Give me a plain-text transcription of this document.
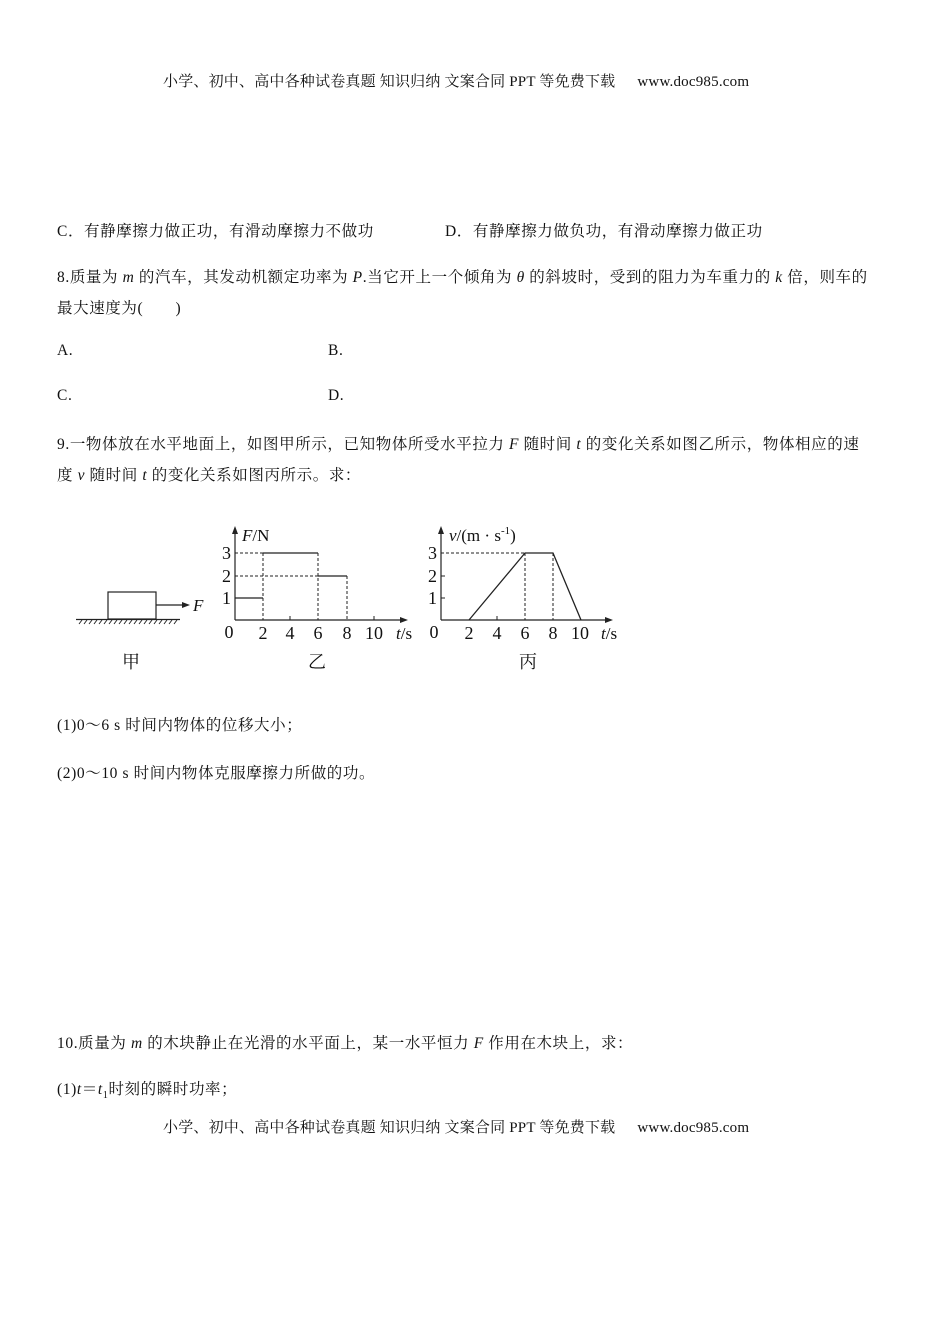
小学、初中、高中各种试卷真题 知识归纳 文案合同 PPT 等免费下载 www.doc985.com
C．有静摩擦力做正功，有滑动摩擦力不做功	D．有静摩擦力做负功，有滑动摩擦力做正功
8.质量为 m 的汽车，其发动机额定功率为 P.当它开上一个倾角为 θ 的斜坡时，受到的阻力为车重力的 k 倍，则车的
最大速度为(　　)
A.	B.
C.	D.
9.一物体放在水平地面上，如图甲所示，已知物体所受水平拉力 F 随时间 t 的变化关系如图乙所示，物体相应的速
度 v 随时间 t 的变化关系如图丙所示。求：
F
甲
F/N
3
2
1
0 2 4 6 8 10 t/s
乙
$v/(m \cdot s^{-1})$
3
2
1
0 2 4 6 8 10 t/s
丙
(1)0～6 s 时间内物体的位移大小；
(2)0～10 s 时间内物体克服摩擦力所做的功。
10.质量为 m 的木块静止在光滑的水平面上，某一水平恒力 F 作用在木块上，求：
$(1)t=t_1$时刻的瞬时功率；
小学、初中、高中各种试卷真题 知识归纳 文案合同 PPT 等免费下载 www.doc985.com
